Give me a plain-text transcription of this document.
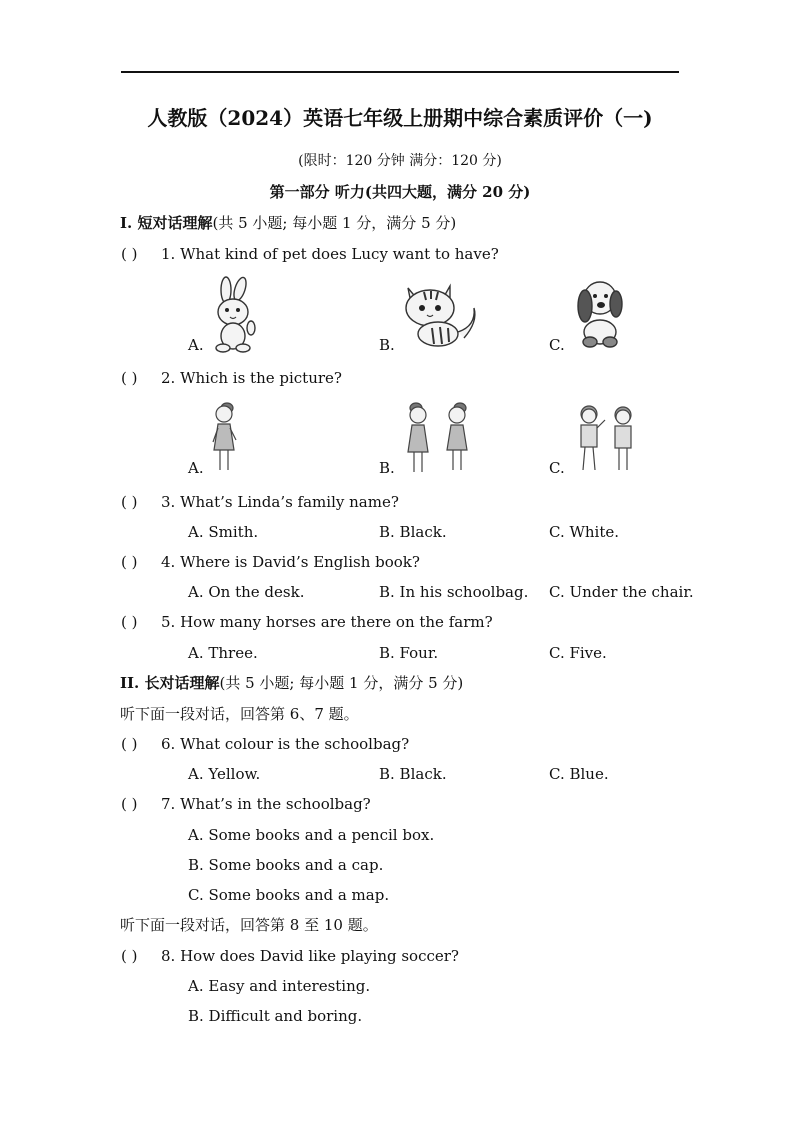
人教版（2024）英语七年级上册期中综合素质评价（一)
(限时：120 分钟 满分：120 分)
第一部分 听力(共四大题，满分 20 分)
I. 短对话理解(共 5 小题; 每小题 1 分，满分 5 分)
( ) 1. What kind of pet does Lucy want to have?
A.	B.	C.
( ) 2. Which is the picture?
A.	B.	C.
( ) 3. What’s Linda’s family name?
A. Smith.	B. Black.	C. White.
( ) 4. Where is David’s English book?
A. On the desk.	B. In his schoolbag. C. Under the chair.
( ) 5. How many horses are there on the farm?
A. Three.	B. Four.	C. Five.
II. 长对话理解(共 5 小题; 每小题 1 分，满分 5 分)
听下面一段对话，回答第 6、7 题。
( ) 6. What colour is the schoolbag?
A. Yellow.	B. Black.	C. Blue.
( ) 7. What’s in the schoolbag?
A. Some books and a pencil box.
B. Some books and a cap.
C. Some books and a map.
听下面一段对话，回答第 8 至 10 题。
( ) 8. How does David like playing soccer?
A. Easy and interesting.
B. Difficult and boring.
